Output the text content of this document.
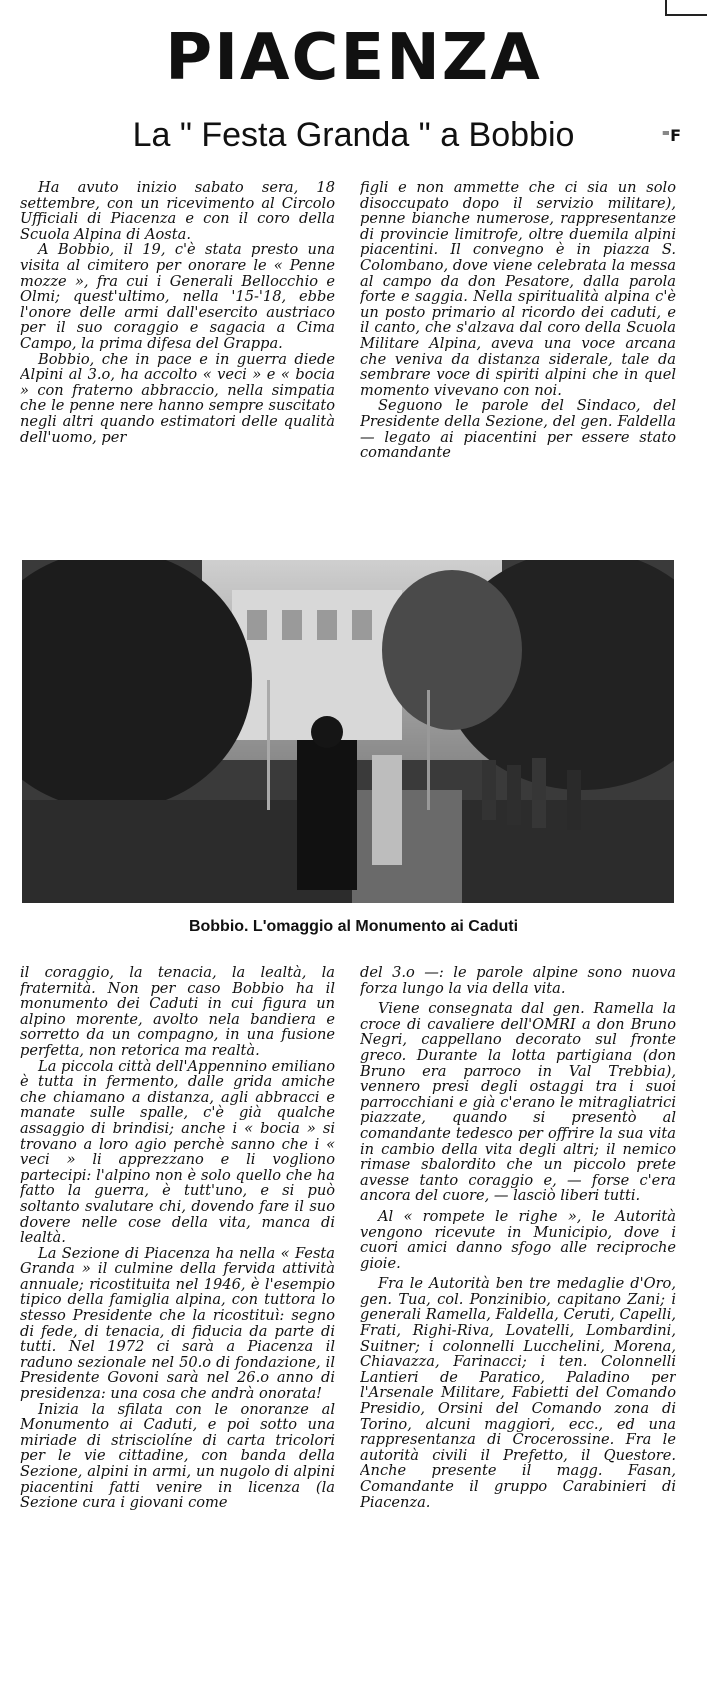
PIACENZA
La " Festa Granda " a Bobbio	⁼F

Ha avuto inizio sabato sera, 18 settembre, con un ricevimento al Circolo Ufficiali di Piacenza e con il coro della Scuola Alpina di Aosta.

A Bobbio, il 19, c'è stata presto una visita al cimitero per onorare le « Penne mozze », fra cui i Generali Bellocchio e Olmi; quest'ultimo, nella '15-'18, ebbe l'onore delle armi dall'esercito austriaco per il suo coraggio e sagacia a Cima Campo, la prima difesa del Grappa.

Bobbio, che in pace e in guerra diede Alpini al 3.o, ha accolto « veci » e « bocia » con fraterno abbraccio, nella simpatia che le penne nere hanno sempre suscitato negli altri quando estimatori delle qualità dell'uomo, per

figli e non ammette che ci sia un solo disoccupato dopo il servizio militare), penne bianche numerose, rappresentanze di provincie limitrofe, oltre duemila alpini piacentini. Il convegno è in piazza S. Colombano, dove viene celebrata la messa al campo da don Pesatore, dalla parola forte e saggia. Nella spiritualità alpina c'è un posto primario al ricordo dei caduti, e il canto, che s'alzava dal coro della Scuola Militare Alpina, aveva una voce arcana che veniva da distanza siderale, tale da sembrare voce di spiriti alpini che in quel momento vivevano con noi.

Seguono le parole del Sindaco, del Presidente della Sezione, del gen. Faldella — legato ai piacentini per essere stato comandante

Bobbio. L'omaggio al Monumento ai Caduti

il coraggio, la tenacia, la lealtà, la fraternità. Non per caso Bobbio ha il monumento dei Caduti in cui figura un alpino morente, avolto nela bandiera e sorretto da un compagno, in una fusione perfetta, non retorica ma realtà.

La piccola città dell'Appennino emiliano è tutta in fermento, dalle grida amiche che chiamano a distanza, agli abbracci e manate sulle spalle, c'è già qualche assaggio di brindisi; anche i « bocia » si trovano a loro agio perchè sanno che i « veci » li apprezzano e li vogliono partecipi: l'alpino non è solo quello che ha fatto la guerra, è tutt'uno, e si può soltanto svalutare chi, dovendo fare il suo dovere nelle cose della vita, manca di lealtà.

La Sezione di Piacenza ha nella « Festa Granda » il culmine della fervida attività annuale; ricostituita nel 1946, è l'esempio tipico della famiglia alpina, con tuttora lo stesso Presidente che la ricostituì: segno di fede, di tenacia, di fiducia da parte di tutti. Nel 1972 ci sarà a Piacenza il raduno sezionale nel 50.o di fondazione, il Presidente Govoni sarà nel 26.o anno di presidenza: una cosa che andrà onorata!

Inizia la sfilata con le onoranze al Monumento ai Caduti, e poi sotto una miriade di strisciolíne di carta tricolori per le vie cittadine, con banda della Sezione, alpini in armi, un nugolo di alpini piacentini fatti venire in licenza (la Sezione cura i giovani come

del 3.o —: le parole alpine sono nuova forza lungo la via della vita.

Viene consegnata dal gen. Ramella la croce di cavaliere dell'OMRI a don Bruno Negri, cappellano decorato sul fronte greco. Durante la lotta partigiana (don Bruno era parroco in Val Trebbia), vennero presi degli ostaggi tra i suoi parrocchiani e già c'erano le mitragliatrici piazzate, quando si presentò al comandante tedesco per offrire la sua vita in cambio della vita degli altri; il nemico rimase sbalordito che un piccolo prete avesse tanto coraggio e, — forse c'era ancora del cuore, — lasciò liberi tutti.

Al « rompete le righe », le Autorità vengono ricevute in Municipio, dove i cuori amici danno sfogo alle reciproche gioie.

Fra le Autorità ben tre medaglie d'Oro, gen. Tua, col. Ponzinibio, capitano Zani; i generali Ramella, Faldella, Ceruti, Capelli, Frati, Righi-Riva, Lovatelli, Lombardini, Suitner; i colonnelli Lucchelini, Morena, Chiavazza, Farinacci; i ten. Colonnelli Lantieri de Paratico, Paladino per l'Arsenale Militare, Fabietti del Comando Presidio, Orsini del Comando zona di Torino, alcuni maggiori, ecc., ed una rappresentanza di Crocerossine. Fra le autorità civili il Prefetto, il Questore. Anche presente il magg. Fasan, Comandante il gruppo Carabinieri di Piacenza.
